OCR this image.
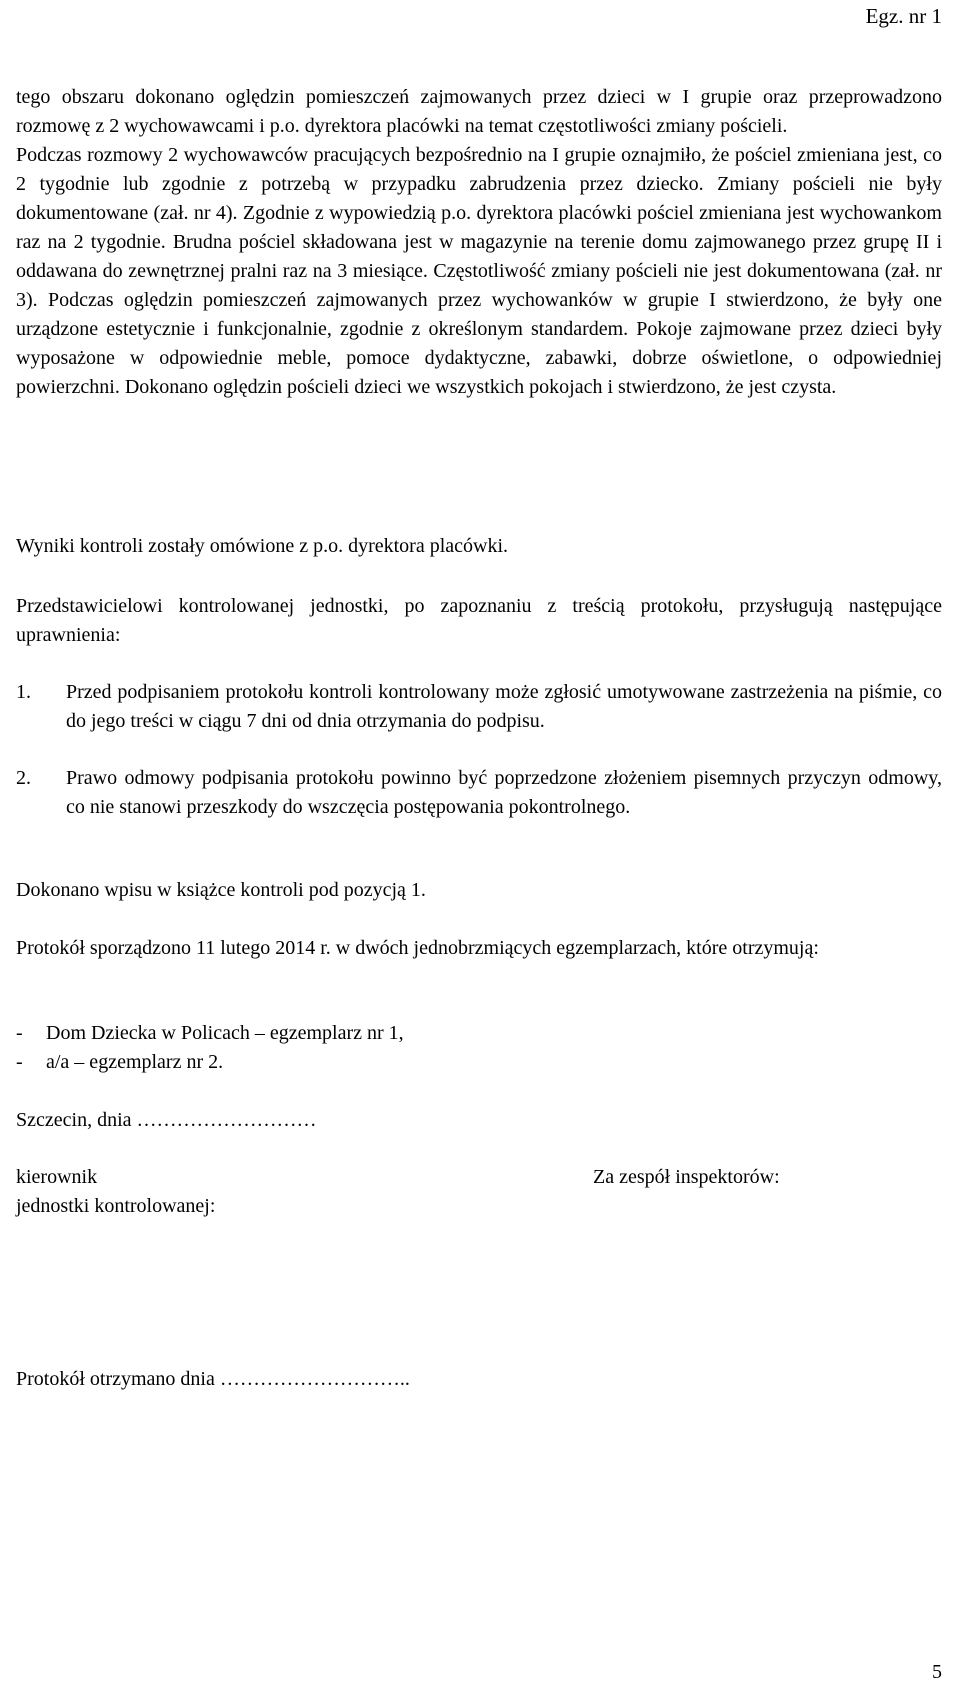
Egz. nr 1

tego obszaru dokonano oględzin pomieszczeń zajmowanych przez dzieci w I grupie oraz przeprowadzono rozmowę z 2 wychowawcami i p.o. dyrektora placówki na temat częstotliwości zmiany pościeli.

Podczas rozmowy 2 wychowawców pracujących bezpośrednio na I grupie oznajmiło, że pościel zmieniana jest, co 2 tygodnie lub zgodnie z potrzebą w przypadku zabrudzenia przez dziecko. Zmiany pościeli nie były dokumentowane (zał. nr 4). Zgodnie z wypowiedzią p.o. dyrektora placówki pościel zmieniana jest wychowankom raz na 2 tygodnie. Brudna pościel składowana jest w magazynie na terenie domu zajmowanego przez grupę II i oddawana do zewnętrznej pralni raz na 3 miesiące. Częstotliwość zmiany pościeli nie jest dokumentowana (zał. nr 3). Podczas oględzin pomieszczeń zajmowanych przez wychowanków w grupie I stwierdzono, że były one urządzone estetycznie i funkcjonalnie, zgodnie z określonym standardem. Pokoje zajmowane przez dzieci były wyposażone w odpowiednie meble, pomoce dydaktyczne, zabawki, dobrze oświetlone, o odpowiedniej powierzchni. Dokonano oględzin pościeli dzieci we wszystkich pokojach i stwierdzono, że jest czysta.

Wyniki kontroli zostały omówione z p.o. dyrektora placówki.

Przedstawicielowi kontrolowanej jednostki, po zapoznaniu z treścią protokołu, przysługują następujące uprawnienia:

1. Przed podpisaniem protokołu kontroli kontrolowany może zgłosić umotywowane zastrzeżenia na piśmie, co do jego treści w ciągu 7 dni od dnia otrzymania do podpisu.
2. Prawo odmowy podpisania protokołu powinno być poprzedzone złożeniem pisemnych przyczyn odmowy, co nie stanowi przeszkody do wszczęcia postępowania pokontrolnego.

Dokonano wpisu w książce kontroli pod pozycją 1.

Protokół sporządzono 11 lutego 2014 r. w dwóch jednobrzmiących egzemplarzach, które otrzymują:

- Dom Dziecka w Policach – egzemplarz nr 1,
- a/a – egzemplarz nr 2.
Szczecin, dnia ………………………
kierownik
jednostki kontrolowanej:
Za zespół inspektorów:
Protokół otrzymano dnia ………………………..
5
